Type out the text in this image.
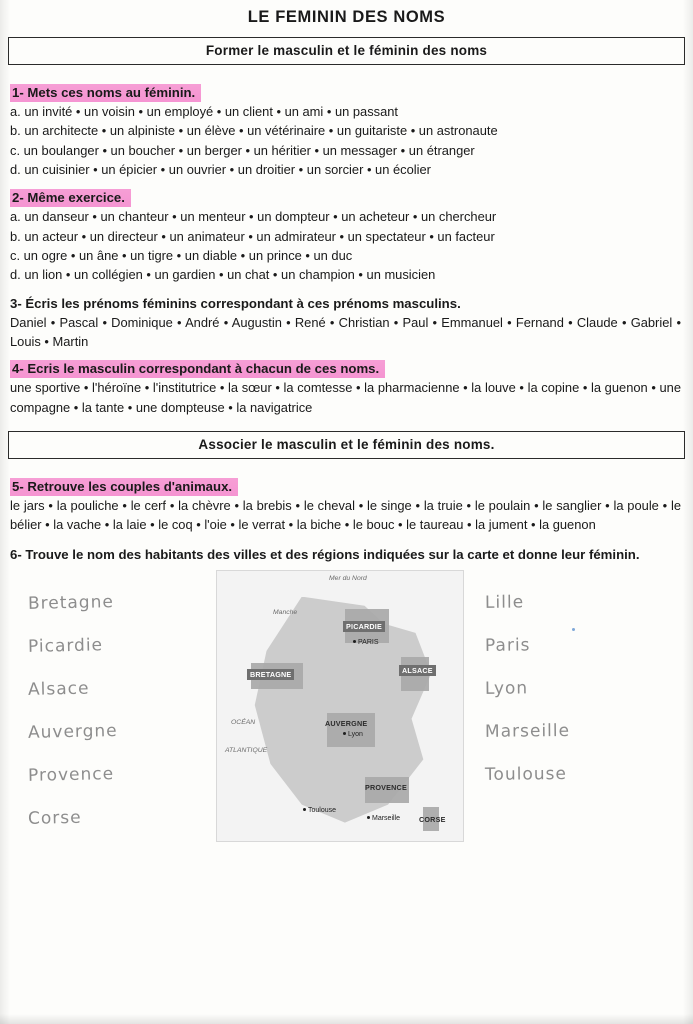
LE FEMININ DES NOMS
Former le masculin et le féminin des noms
1- Mets ces noms au féminin.

a. un invité • un voisin • un employé • un client • un ami • un passant

b. un architecte • un alpiniste • un élève • un vétérinaire • un guitariste • un astronaute

c. un boulanger • un boucher • un berger • un héritier • un messager • un étranger

d. un cuisinier • un épicier • un ouvrier • un droitier • un sorcier • un écolier

2- Même exercice.

a. un danseur • un chanteur • un menteur • un dompteur • un acheteur • un chercheur

b. un acteur • un directeur • un animateur • un admirateur • un spectateur • un facteur

c. un ogre • un âne • un tigre • un diable • un prince • un duc

d. un lion • un collégien • un gardien • un chat • un champion • un musicien

3- Écris les prénoms féminins correspondant à ces prénoms masculins.
Daniel • Pascal • Dominique • André • Augustin • René • Christian • Paul • Emmanuel • Fernand • Claude • Gabriel • Louis • Martin
4- Ecris le masculin correspondant à chacun de ces noms.
une sportive • l'héroïne • l'institutrice • la sœur • la comtesse • la pharmacienne • la louve • la copine • la guenon • une compagne • la tante • une dompteuse • la navigatrice
Associer le masculin et le féminin des noms.
5- Retrouve les couples d'animaux.
le jars • la pouliche • le cerf • la chèvre • la brebis • le cheval • le singe • la truie • le poulain • le sanglier • la poule • le bélier • la vache • la laie • le coq • l'oie • le verrat • la biche • le bouc • le taureau • la jument • la guenon
6- Trouve le nom des habitants des villes et des régions indiquées sur la carte et donne leur féminin.
Bretagne
Picardie
Alsace
Auvergne
Provence
Corse
Lille
Paris
Lyon
Marseille
Toulouse
PICARDIE
BRETAGNE	ALSACE
AUVERGNE
PROVENCE
CORSE
PARIS
Lyon
Toulouse
Marseille
Mer du Nord
Manche
OCÉAN
ATLANTIQUE
